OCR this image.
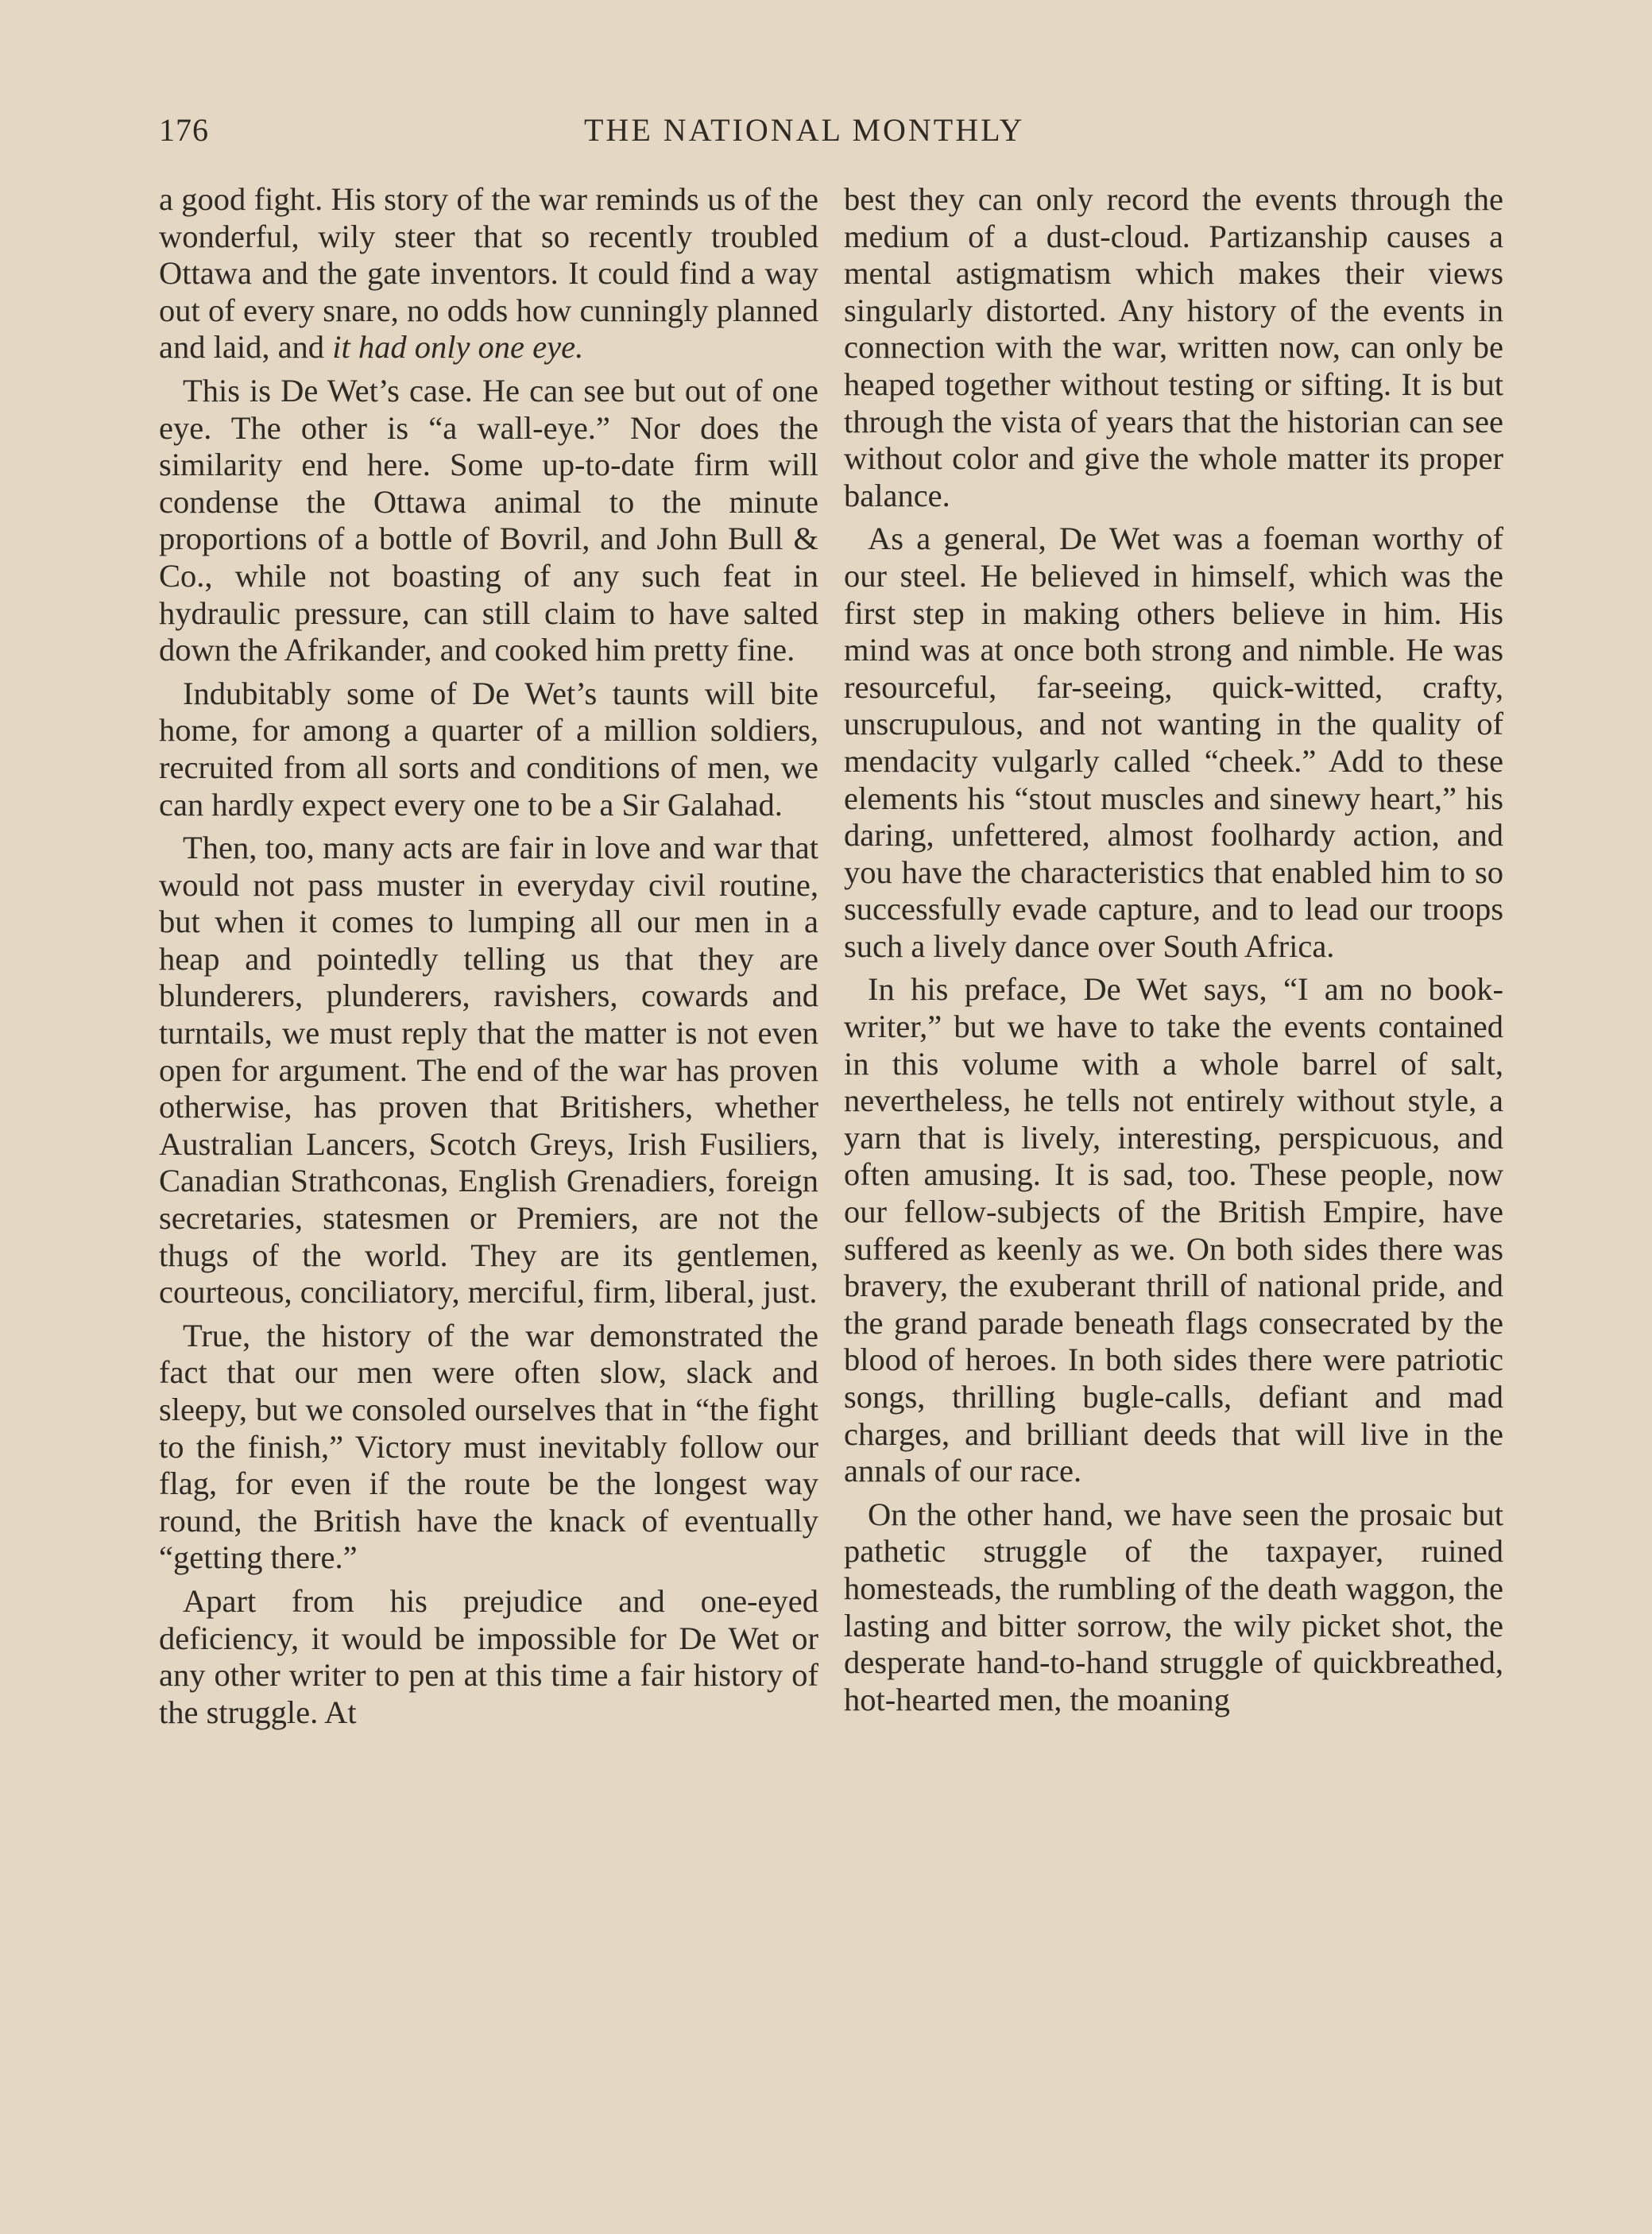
176	THE NATIONAL MONTHLY

a good fight. His story of the war reminds us of the wonderful, wily steer that so recently troubled Ottawa and the gate inventors. It could find a way out of every snare, no odds how cunningly planned and laid, and it had only one eye.

This is De Wet’s case. He can see but out of one eye. The other is “a wall-eye.” Nor does the similarity end here. Some up-to-date firm will condense the Ottawa animal to the minute proportions of a bottle of Bovril, and John Bull & Co., while not boasting of any such feat in hydraulic pressure, can still claim to have salted down the Afrikander, and cooked him pretty fine.

Indubitably some of De Wet’s taunts will bite home, for among a quarter of a million soldiers, recruited from all sorts and conditions of men, we can hardly expect every one to be a Sir Galahad.

Then, too, many acts are fair in love and war that would not pass muster in everyday civil routine, but when it comes to lumping all our men in a heap and pointedly telling us that they are blunderers, plunderers, ravishers, cowards and turntails, we must reply that the matter is not even open for argument. The end of the war has proven otherwise, has proven that Britishers, whether Australian Lancers, Scotch Greys, Irish Fusiliers, Canadian Strathconas, English Grenadiers, foreign secretaries, statesmen or Premiers, are not the thugs of the world. They are its gentlemen, courteous, conciliatory, merciful, firm, liberal, just.

True, the history of the war demonstrated the fact that our men were often slow, slack and sleepy, but we consoled ourselves that in “the fight to the finish,” Victory must inevitably follow our flag, for even if the route be the longest way round, the British have the knack of eventually “getting there.”

Apart from his prejudice and one-eyed deficiency, it would be impossible for De Wet or any other writer to pen at this time a fair history of the struggle. At

best they can only record the events through the medium of a dust-cloud. Partizanship causes a mental astigmatism which makes their views singularly distorted. Any history of the events in connection with the war, written now, can only be heaped together without testing or sifting. It is but through the vista of years that the historian can see without color and give the whole matter its proper balance.

As a general, De Wet was a foeman worthy of our steel. He believed in himself, which was the first step in making others believe in him. His mind was at once both strong and nimble. He was resourceful, far-seeing, quick-witted, crafty, unscrupulous, and not wanting in the quality of mendacity vulgarly called “cheek.” Add to these elements his “stout muscles and sinewy heart,” his daring, unfettered, almost foolhardy action, and you have the characteristics that enabled him to so successfully evade capture, and to lead our troops such a lively dance over South Africa.

In his preface, De Wet says, “I am no book-writer,” but we have to take the events contained in this volume with a whole barrel of salt, nevertheless, he tells not entirely without style, a yarn that is lively, interesting, perspicuous, and often amusing. It is sad, too. These people, now our fellow-subjects of the British Empire, have suffered as keenly as we. On both sides there was bravery, the exuberant thrill of national pride, and the grand parade beneath flags consecrated by the blood of heroes. In both sides there were patriotic songs, thrilling bugle-calls, defiant and mad charges, and brilliant deeds that will live in the annals of our race.

On the other hand, we have seen the prosaic but pathetic struggle of the taxpayer, ruined homesteads, the rumbling of the death waggon, the lasting and bitter sorrow, the wily picket shot, the desperate hand-to-hand struggle of quickbreathed, hot-hearted men, the moaning
